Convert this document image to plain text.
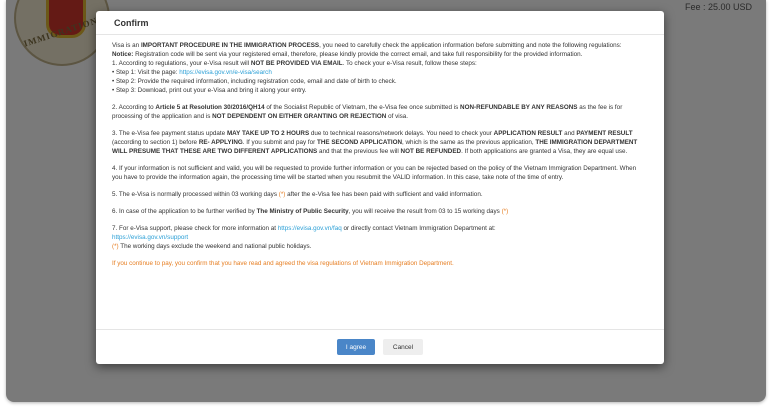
Confirm

Visa is an IMPORTANT PROCEDURE IN THE IMMIGRATION PROCESS, you need to carefully check the application information before submitting and note the following regulations:

Notice: Registration code will be sent via your registered email, therefore, please kindly provide the correct email, and take full responsibility for the provided information.

1. According to regulations, your e-Visa result will NOT BE PROVIDED VIA EMAIL. To check your e-Visa result, follow these steps:

• Step 1: Visit the page: https://evisa.gov.vn/e-visa/search

• Step 2: Provide the required information, including registration code, email and date of birth to check.

• Step 3: Download, print out your e-Visa and bring it along your entry.

2. According to Article 5 at Resolution 30/2016/QH14 of the Socialist Republic of Vietnam, the e-Visa fee once submitted is NON-REFUNDABLE BY ANY REASONS as the fee is for processing of the application and is NOT DEPENDENT ON EITHER GRANTING OR REJECTION of visa.

3. The e-Visa fee payment status update MAY TAKE UP TO 2 HOURS due to technical reasons/network delays. You need to check your APPLICATION RESULT and PAYMENT RESULT (according to section 1) before RE- APPLYING. If you submit and pay for THE SECOND APPLICATION, which is the same as the previous application, THE IMMIGRATION DEPARTMENT WILL PRESUME THAT THESE ARE TWO DIFFERENT APPLICATIONS and that the previous fee will NOT BE REFUNDED. If both applications are granted a Visa, they are equal use.

4. If your information is not sufficient and valid, you will be requested to provide further information or you can be rejected based on the policy of the Vietnam Immigration Department. When you have to provide the information again, the processing time will be started when you resubmit the VALID information. In this case, take note of the time of entry.

5. The e-Visa is normally processed within 03 working days (*) after the e-Visa fee has been paid with sufficient and valid information.

6. In case of the application to be further verified by The Ministry of Public Security, you will receive the result from 03 to 15 working days (*)

7. For e-Visa support, please check for more information at https://evisa.gov.vn/faq or directly contact Vietnam Immigration Department at:
https://evisa.gov.vn/support

(*) The working days exclude the weekend and national public holidays.

If you continue to pay, you confirm that you have read and agreed the visa regulations of Vietnam Immigration Department.

I agree	Cancel
